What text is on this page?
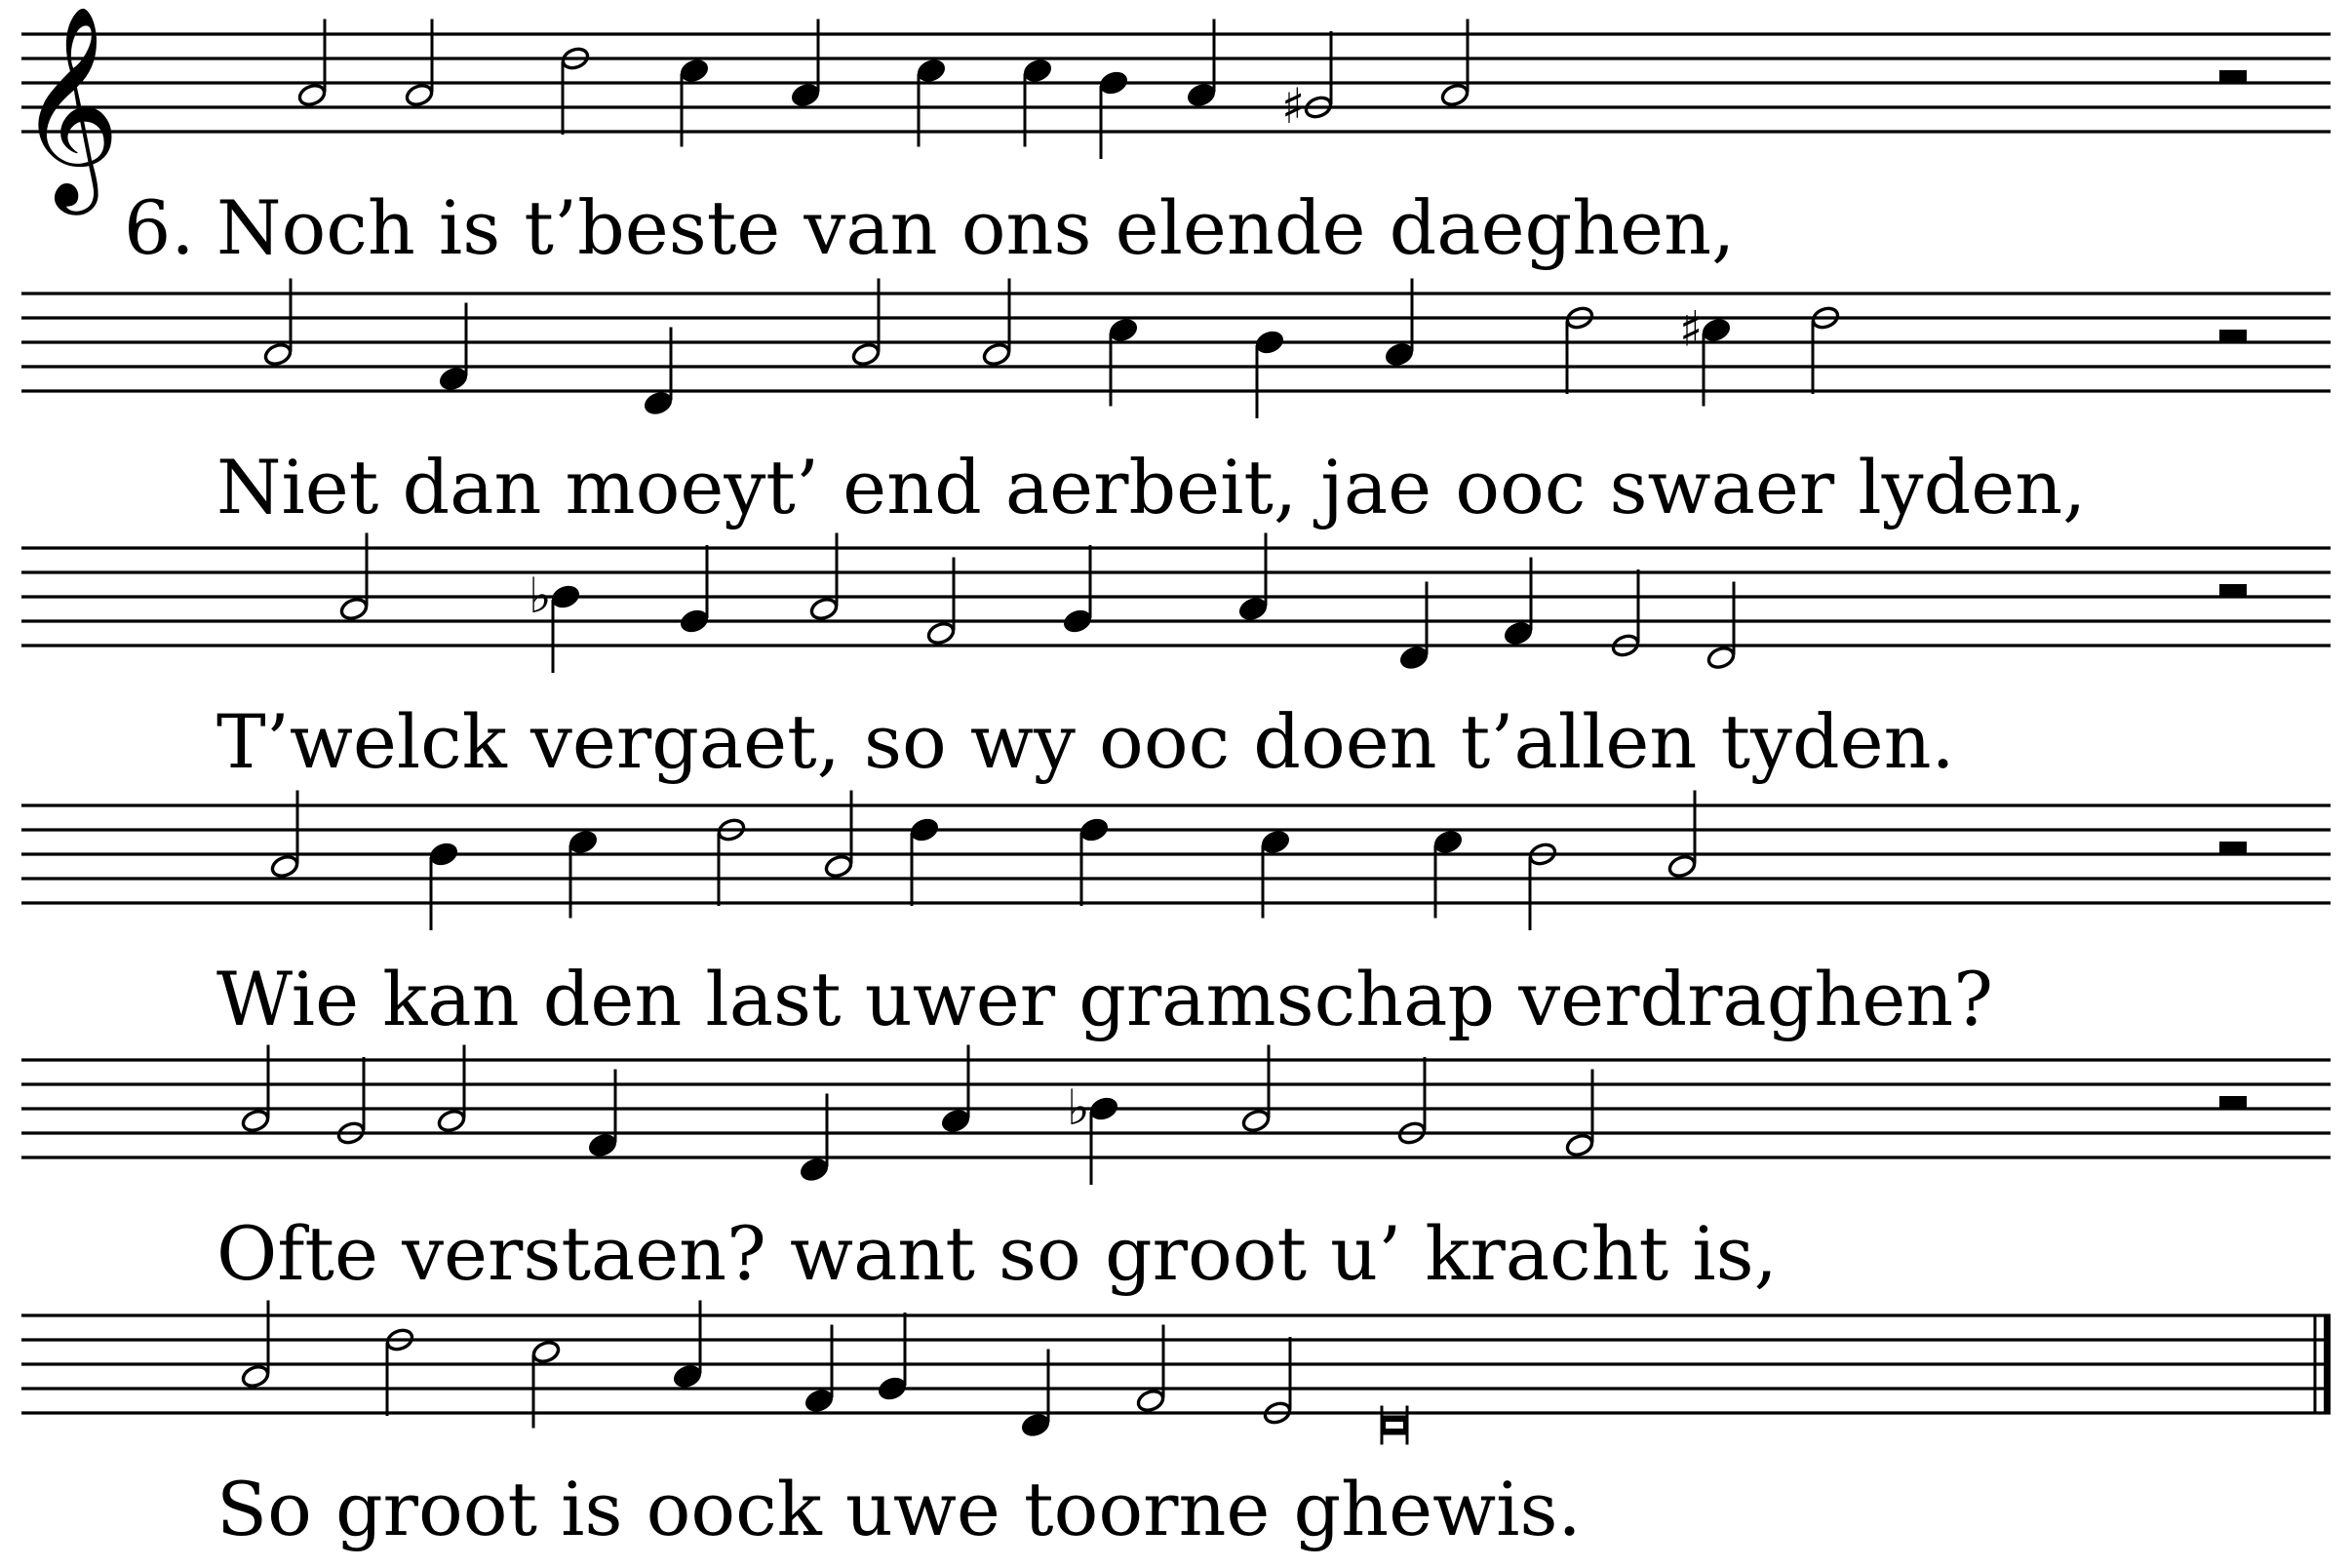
𝄞	♯
6. Noch is t’beste van ons elende daeghen,
♯
Niet dan moeyt’ end aerbeit, jae ooc swaer lyden,
♭
T’welck vergaet, so wy ooc doen t’allen tyden.
Wie kan den last uwer gramschap verdraghen?
♭
Ofte verstaen? want so groot u’ kracht is,
So groot is oock uwe toorne ghewis.
